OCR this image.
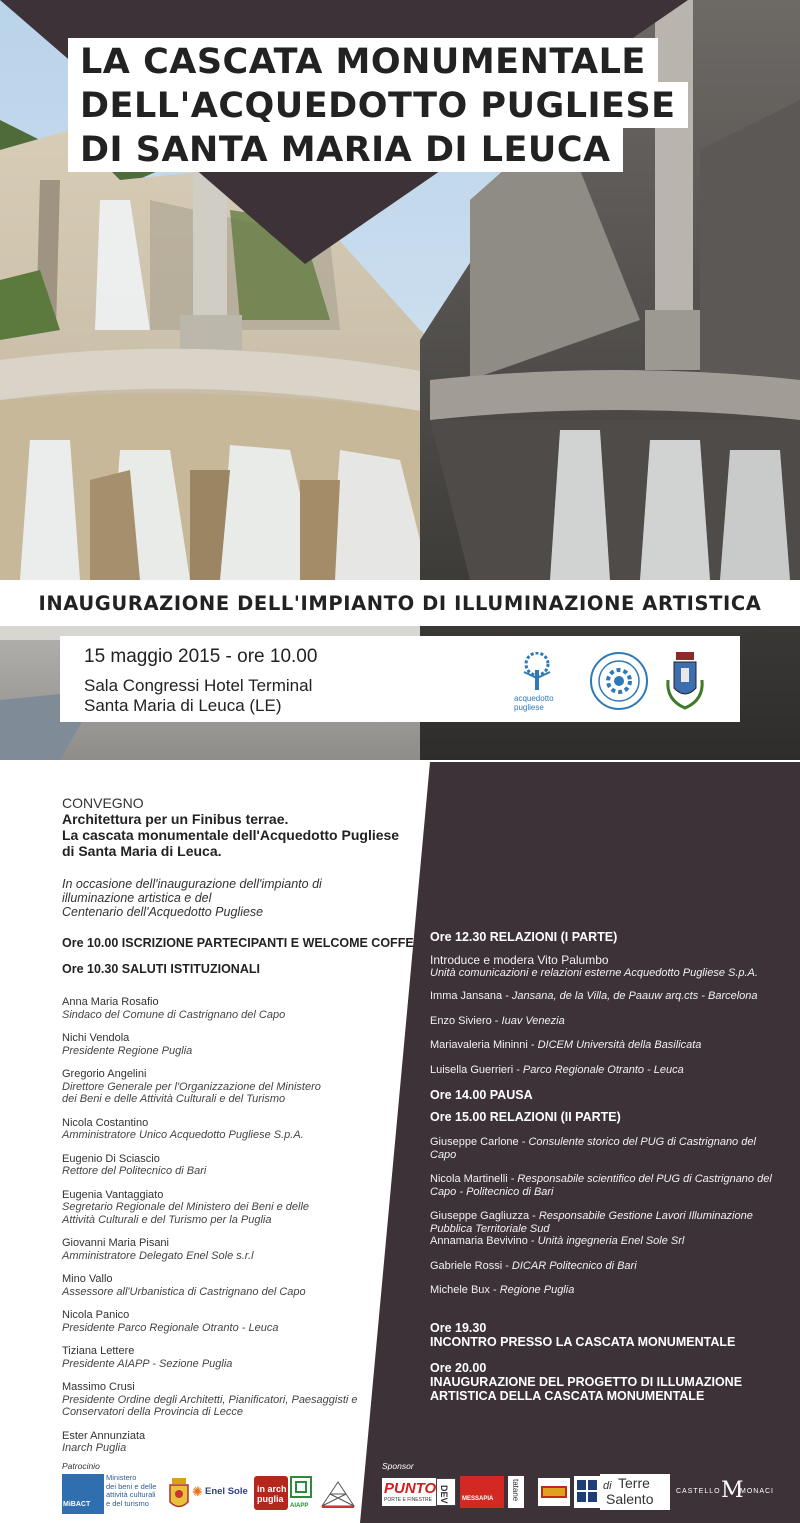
LA CASCATA MONUMENTALE
DELL'ACQUEDOTTO PUGLIESE
DI SANTA MARIA DI LEUCA
INAUGURAZIONE DELL'IMPIANTO DI ILLUMINAZIONE ARTISTICA
15 maggio 2015 - ore 10.00
Sala Congressi Hotel Terminal
Santa Maria di Leuca (LE)	acquedotto pugliese
CONVEGNO
Architettura per un Finibus terrae.
La cascata monumentale dell'Acquedotto Pugliese
di Santa Maria di Leuca.
In occasione dell'inaugurazione dell'impianto di
illuminazione artistica e del
Centenario dell'Acquedotto Pugliese
Ore 10.00 ISCRIZIONE PARTECIPANTI E WELCOME COFFE
Ore 10.30 SALUTI ISTITUZIONALI
Anna Maria Rosafio
Sindaco del Comune di Castrignano del Capo
Nichi Vendola
Presidente Regione Puglia
Gregorio Angelini
Direttore Generale per l'Organizzazione del Ministero
dei Beni e delle Attività Culturali e del Turismo
Nicola Costantino
Amministratore Unico Acquedotto Pugliese S.p.A.
Eugenio Di Sciascio
Rettore del Politecnico di Bari
Eugenia Vantaggiato
Segretario Regionale del Ministero dei Beni e delle
Attività Culturali e del Turismo per la Puglia
Giovanni Maria Pisani
Amministratore Delegato Enel Sole s.r.l
Mino Vallo
Assessore all'Urbanistica di Castrignano del Capo
Nicola Panico
Presidente Parco Regionale Otranto - Leuca
Tiziana Lettere
Presidente AIAPP - Sezione Puglia
Massimo Crusi
Presidente Ordine degli Architetti, Pianificatori, Paesaggisti e
Conservatori della Provincia di Lecce
Ester Annunziata
Inarch Puglia
Ore 12.30 RELAZIONI (I PARTE)
Introduce e modera Vito Palumbo
Unità comunicazioni e relazioni esterne Acquedotto Pugliese S.p.A.
Imma Jansana - Jansana, de la Villa, de Paauw arq.cts - Barcelona
Enzo Siviero - Iuav Venezia
Mariavaleria Mininni - DICEM Università della Basilicata
Luisella Guerrieri - Parco Regionale Otranto - Leuca
Ore 14.00 PAUSA
Ore 15.00 RELAZIONI (II PARTE)
Giuseppe Carlone - Consulente storico del PUG di Castrignano del Capo
Nicola Martinelli - Responsabile scientifico del PUG di Castrignano del
Capo - Politecnico di Bari
Giuseppe Gagliuzza - Responsabile Gestione Lavori Illuminazione
Pubblica Territoriale Sud
Annamaria Bevivino - Unità ingegneria Enel Sole Srl
Gabriele Rossi - DICAR Politecnico di Bari
Michele Bux - Regione Puglia
Ore 19.30
INCONTRO PRESSO LA CASCATA MONUMENTALE
Ore 20.00
INAUGURAZIONE DEL PROGETTO DI ILLUMAZIONE
ARTISTICA DELLA CASCATA MONUMENTALE
Patrocinio	Sponsor
MiBACT
Ministero
dei beni e delle
attività culturali
e del turismo
✺ Enel Sole in arch puglia
AIAPP
PUNTO
PORTE E FINESTRE DEV MESSAPIA tatane	di Terre
Salento	CASTELLO M
MONACI
